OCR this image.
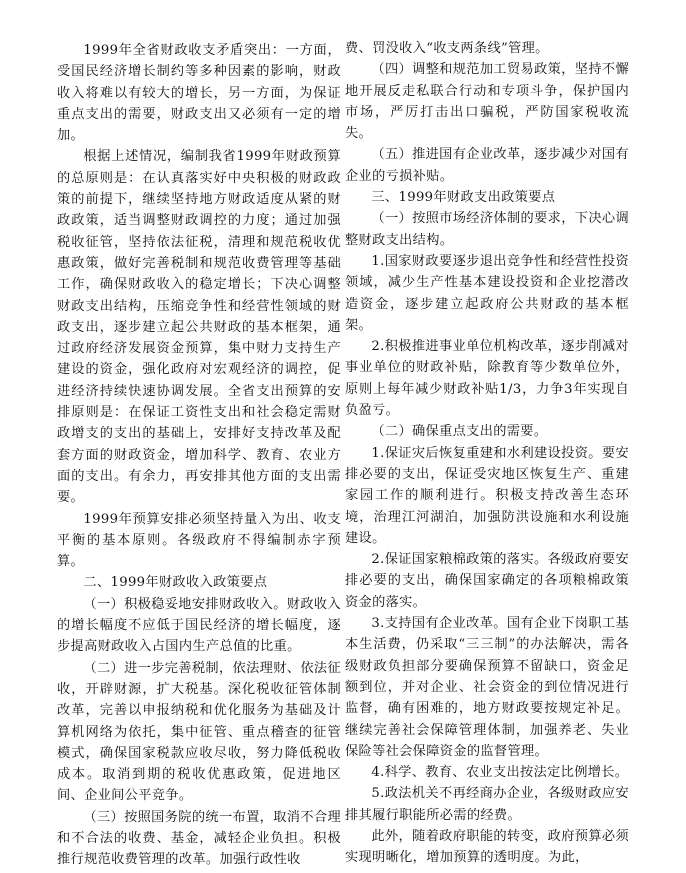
1999年全省财政收支矛盾突出：一方面，受国民经济增长制约等多种因素的影响，财政收入将难以有较大的增长，另一方面，为保证重点支出的需要，财政支出又必须有一定的增加。

根据上述情况，编制我省1999年财政预算的总原则是：在认真落实好中央积极的财政政策的前提下，继续坚持地方财政适度从紧的财政政策，适当调整财政调控的力度；通过加强税收征管，坚持依法征税，清理和规范税收优惠政策，做好完善税制和规范收费管理等基础工作，确保财政收入的稳定增长；下决心调整财政支出结构，压缩竞争性和经营性领域的财政支出，逐步建立起公共财政的基本框架，通过政府经济发展资金预算，集中财力支持生产建设的资金，强化政府对宏观经济的调控，促进经济持续快速协调发展。全省支出预算的安排原则是：在保证工资性支出和社会稳定需财政增支的支出的基础上，安排好支持改革及配套方面的财政资金，增加科学、教育、农业方面的支出。有余力，再安排其他方面的支出需要。

1999年预算安排必须坚持量入为出、收支平衡的基本原则。各级政府不得编制赤字预算。

二、1999年财政收入政策要点

（一）积极稳妥地安排财政收入。财政收入的增长幅度不应低于国民经济的增长幅度，逐步提高财政收入占国内生产总值的比重。

（二）进一步完善税制，依法理财、依法征收，开辟财源，扩大税基。深化税收征管体制改革，完善以申报纳税和优化服务为基础及计算机网络为依托，集中征管、重点稽查的征管模式，确保国家税款应收尽收，努力降低税收成本。取消到期的税收优惠政策，促进地区间、企业间公平竞争。

（三）按照国务院的统一布置，取消不合理和不合法的收费、基金，减轻企业负担。积极推行规范收费管理的改革。加强行政性收

费、罚没收入“收支两条线”管理。

（四）调整和规范加工贸易政策，坚持不懈地开展反走私联合行动和专项斗争，保护国内市场，严厉打击出口骗税，严防国家税收流失。

（五）推进国有企业改革，逐步减少对国有企业的亏损补贴。

三、1999年财政支出政策要点

（一）按照市场经济体制的要求，下决心调整财政支出结构。

1.国家财政要逐步退出竞争性和经营性投资领域，减少生产性基本建设投资和企业挖潜改造资金，逐步建立起政府公共财政的基本框架。

2.积极推进事业单位机构改革，逐步削减对事业单位的财政补贴，除教育等少数单位外，原则上每年减少财政补贴1/3，力争3年实现自负盈亏。

（二）确保重点支出的需要。

1.保证灾后恢复重建和水利建设投资。要安排必要的支出，保证受灾地区恢复生产、重建家园工作的顺利进行。积极支持改善生态环境，治理江河湖泊，加强防洪设施和水利设施建设。

2.保证国家粮棉政策的落实。各级政府要安排必要的支出，确保国家确定的各项粮棉政策资金的落实。

3.支持国有企业改革。国有企业下岗职工基本生活费，仍采取“三三制”的办法解决，需各级财政负担部分要确保预算不留缺口，资金足额到位，并对企业、社会资金的到位情况进行监督，确有困难的，地方财政要按规定补足。继续完善社会保障管理体制，加强养老、失业保险等社会保障资金的监督管理。

4.科学、教育、农业支出按法定比例增长。

5.政法机关不再经商办企业，各级财政应安排其履行职能所必需的经费。

此外，随着政府职能的转变，政府预算必须实现明晰化，增加预算的透明度。为此，
